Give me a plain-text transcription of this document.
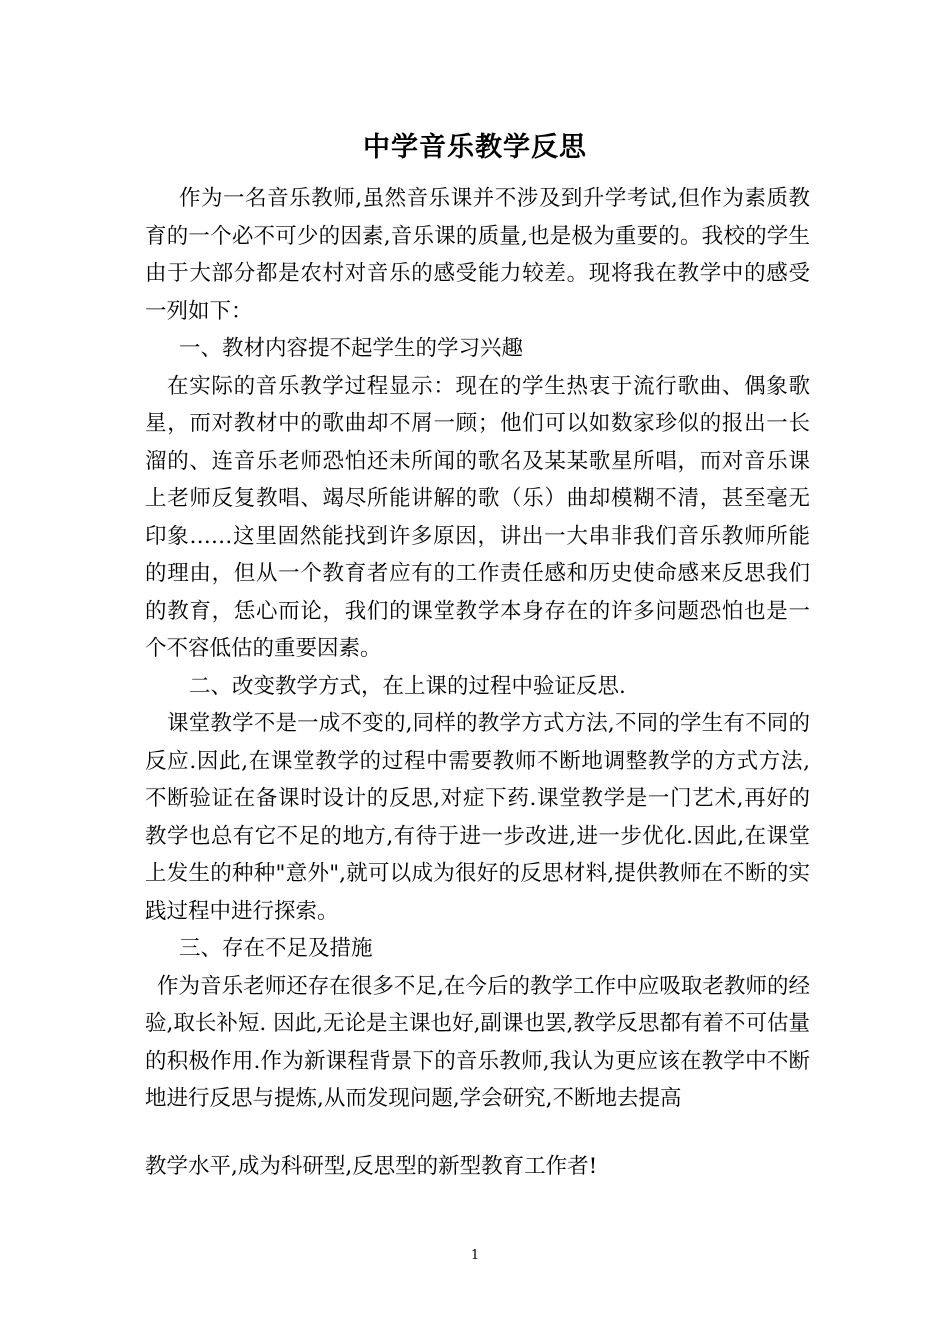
中学音乐教学反思

作为一名音乐教师,虽然音乐课并不涉及到升学考试,但作为素质教育的一个必不可少的因素,音乐课的质量,也是极为重要的。我校的学生由于大部分都是农村对音乐的感受能力较差。现将我在教学中的感受一列如下：

一、教材内容提不起学生的学习兴趣

在实际的音乐教学过程显示：现在的学生热衷于流行歌曲、偶象歌星，而对教材中的歌曲却不屑一顾；他们可以如数家珍似的报出一长溜的、连音乐老师恐怕还未所闻的歌名及某某歌星所唱，而对音乐课上老师反复教唱、竭尽所能讲解的歌（乐）曲却模糊不清，甚至毫无印象……这里固然能找到许多原因，讲出一大串非我们音乐教师所能的理由，但从一个教育者应有的工作责任感和历史使命感来反思我们的教育，恁心而论，我们的课堂教学本身存在的许多问题恐怕也是一个不容低估的重要因素。

二、改变教学方式，在上课的过程中验证反思.

课堂教学不是一成不变的,同样的教学方式方法,不同的学生有不同的反应.因此,在课堂教学的过程中需要教师不断地调整教学的方式方法,不断验证在备课时设计的反思,对症下药.课堂教学是一门艺术,再好的教学也总有它不足的地方,有待于进一步改进,进一步优化.因此,在课堂上发生的种种"意外",就可以成为很好的反思材料,提供教师在不断的实践过程中进行探索。

三、存在不足及措施

作为音乐老师还存在很多不足,在今后的教学工作中应吸取老教师的经验,取长补短. 因此,无论是主课也好,副课也罢,教学反思都有着不可估量的积极作用.作为新课程背景下的音乐教师,我认为更应该在教学中不断地进行反思与提炼,从而发现问题,学会研究,不断地去提高

教学水平,成为科研型,反思型的新型教育工作者!

1
